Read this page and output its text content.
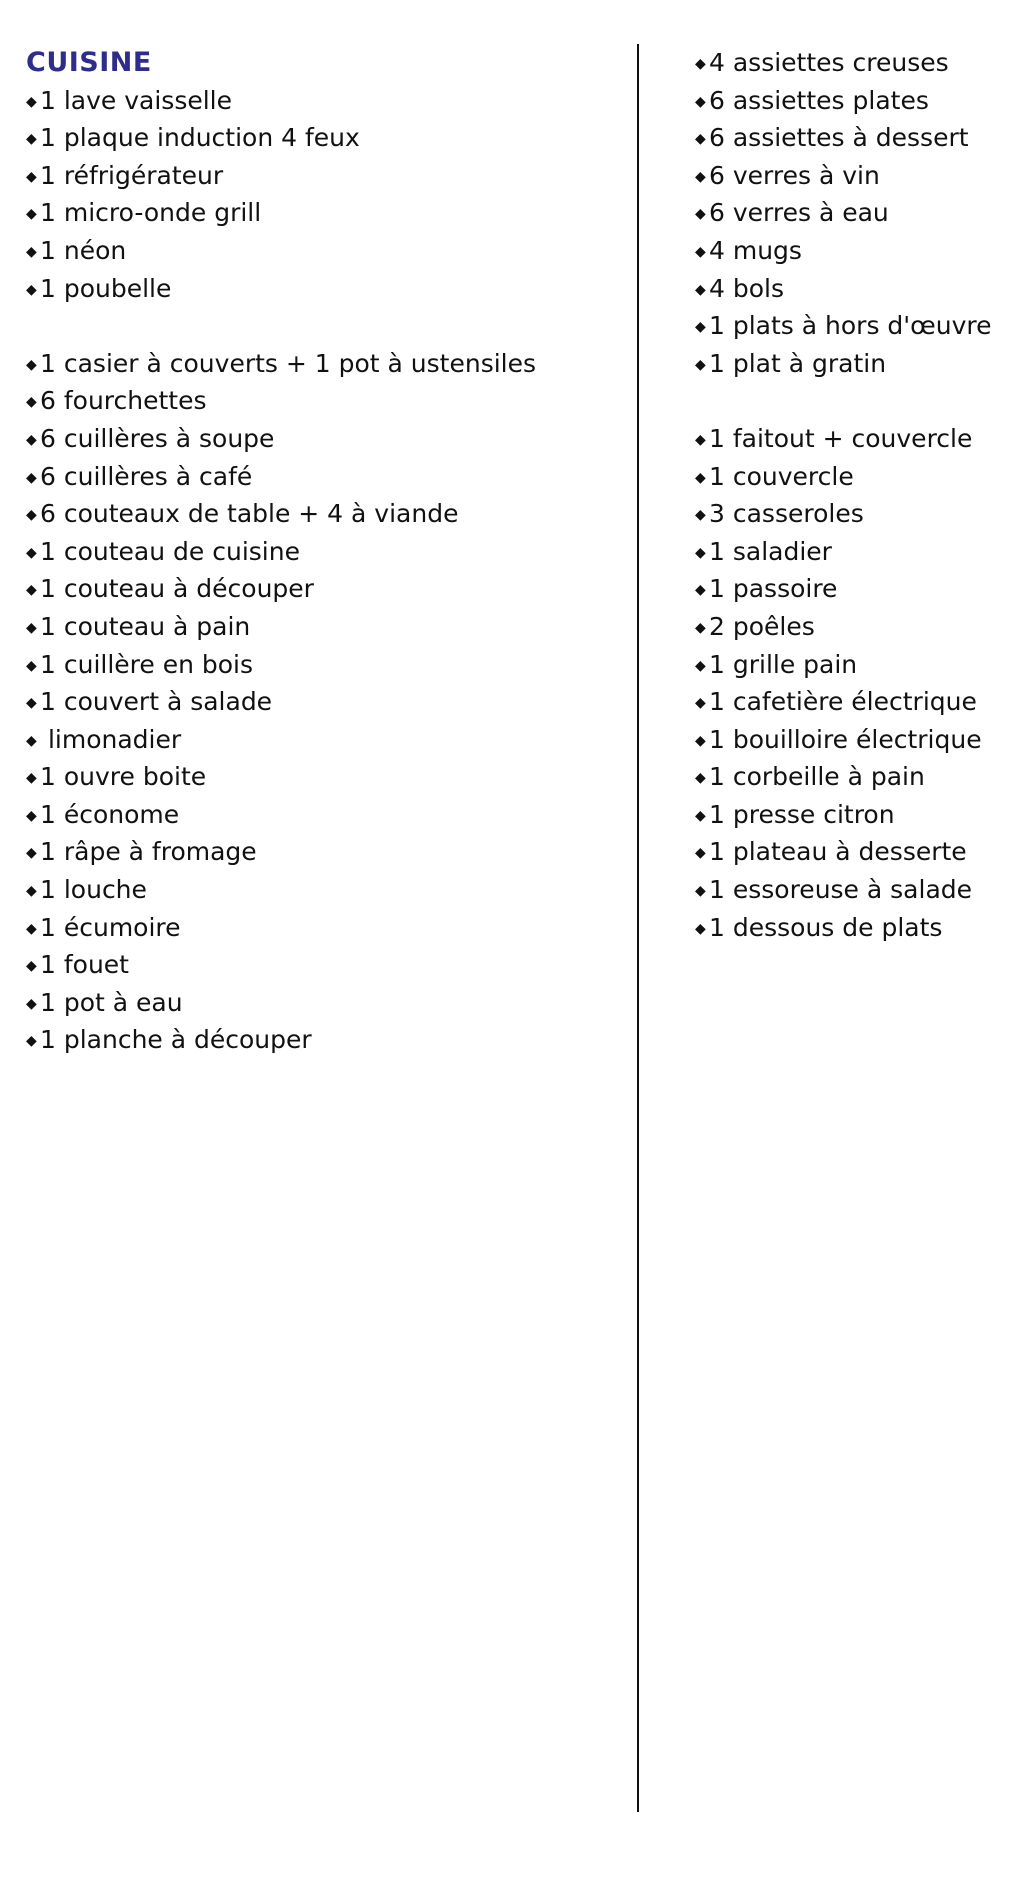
CUISINE
◆ 1 lave vaisselle
◆ 1 plaque induction 4 feux
◆ 1 réfrigérateur
◆ 1 micro-onde grill
◆ 1 néon
◆ 1 poubelle
◆ 1 casier à couverts + 1 pot à ustensiles
◆ 6 fourchettes
◆ 6 cuillères à soupe
◆ 6 cuillères à café
◆ 6 couteaux de table + 4 à viande
◆ 1 couteau de cuisine
◆ 1 couteau à découper
◆ 1 couteau à pain
◆ 1 cuillère en bois
◆ 1 couvert à salade
◆ limonadier
◆ 1 ouvre boite
◆ 1 économe
◆ 1 râpe à fromage
◆ 1 louche
◆ 1 écumoire
◆ 1 fouet
◆ 1 pot à eau
◆ 1 planche à découper
◆ 4 assiettes creuses
◆ 6 assiettes plates
◆ 6 assiettes à dessert
◆ 6 verres à vin
◆ 6 verres à eau
◆ 4 mugs
◆ 4 bols
◆ 1 plats à hors d'œuvre
◆ 1 plat à gratin
◆ 1 faitout + couvercle
◆ 1 couvercle
◆ 3 casseroles
◆ 1 saladier
◆ 1 passoire
◆ 2 poêles
◆ 1 grille pain
◆ 1 cafetière électrique
◆ 1 bouilloire électrique
◆ 1 corbeille à pain
◆ 1 presse citron
◆ 1 plateau à desserte
◆ 1 essoreuse à salade
◆ 1 dessous de plats
